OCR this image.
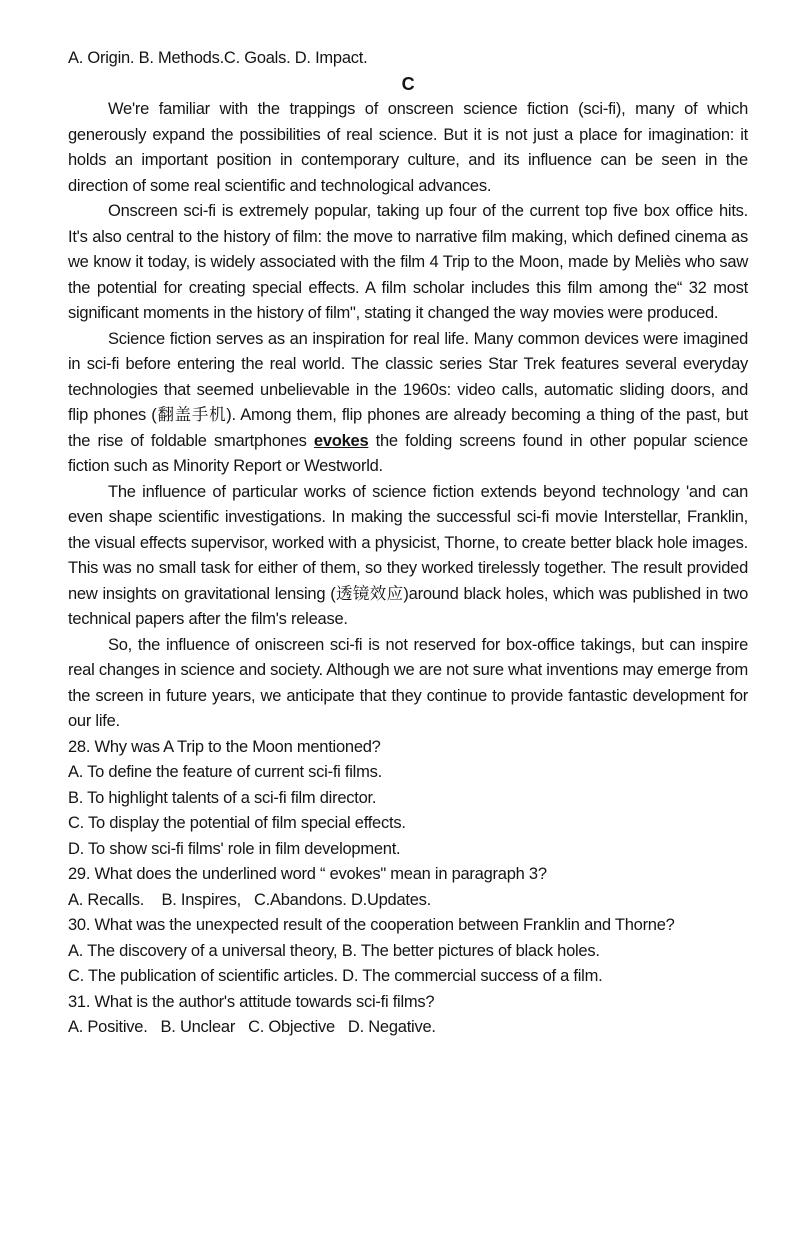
A. Origin. B. Methods.C. Goals. D. Impact.

C

We're familiar with the trappings of onscreen science fiction (sci-fi), many of which generously expand the possibilities of real science. But it is not just a place for imagination: it holds an important position in contemporary culture, and its influence can be seen in the direction of some real scientific and technological advances.

Onscreen sci-fi is extremely popular, taking up four of the current top five box office hits. It's also central to the history of film: the move to narrative film making, which defined cinema as we know it today, is widely associated with the film 4 Trip to the Moon, made by Meliès who saw the potential for creating special effects. A film scholar includes this film among the“ 32 most significant moments in the history of film", stating it changed the way movies were produced.

Science fiction serves as an inspiration for real life. Many common devices were imagined in sci-fi before entering the real world. The classic series Star Trek features several everyday technologies that seemed unbelievable in the 1960s: video calls, automatic sliding doors, and flip phones (翻盖手机). Among them, flip phones are already becoming a thing of the past, but the rise of foldable smartphones evokes the folding screens found in other popular science fiction such as Minority Report or Westworld.

The influence of particular works of science fiction extends beyond technology 'and can even shape scientific investigations. In making the successful sci-fi movie Interstellar, Franklin, the visual effects supervisor, worked with a physicist, Thorne, to create better black hole images. This was no small task for either of them, so they worked tirelessly together. The result provided new insights on gravitational lensing (透镜效应)around black holes, which was published in two technical papers after the film's release.

So, the influence of oniscreen sci-fi is not reserved for box-office takings, but can inspire real changes in science and society. Although we are not sure what inventions may emerge from the screen in future years, we anticipate that they continue to provide fantastic development for our life.

28. Why was A Trip to the Moon mentioned?

A. To define the feature of current sci-fi films.

B. To highlight talents of a sci-fi film director.

C. To display the potential of film special effects.

D. To show sci-fi films' role in film development.

29. What does the underlined word “ evokes" mean in paragraph 3?

A. Recalls.    B. Inspires,   C.Abandons. D.Updates.

30. What was the unexpected result of the cooperation between Franklin and Thorne?

A. The discovery of a universal theory, B. The better pictures of black holes.

C. The publication of scientific articles. D. The commercial success of a film.

31. What is the author's attitude towards sci-fi films?

A. Positive.   B. Unclear   C. Objective   D. Negative.
